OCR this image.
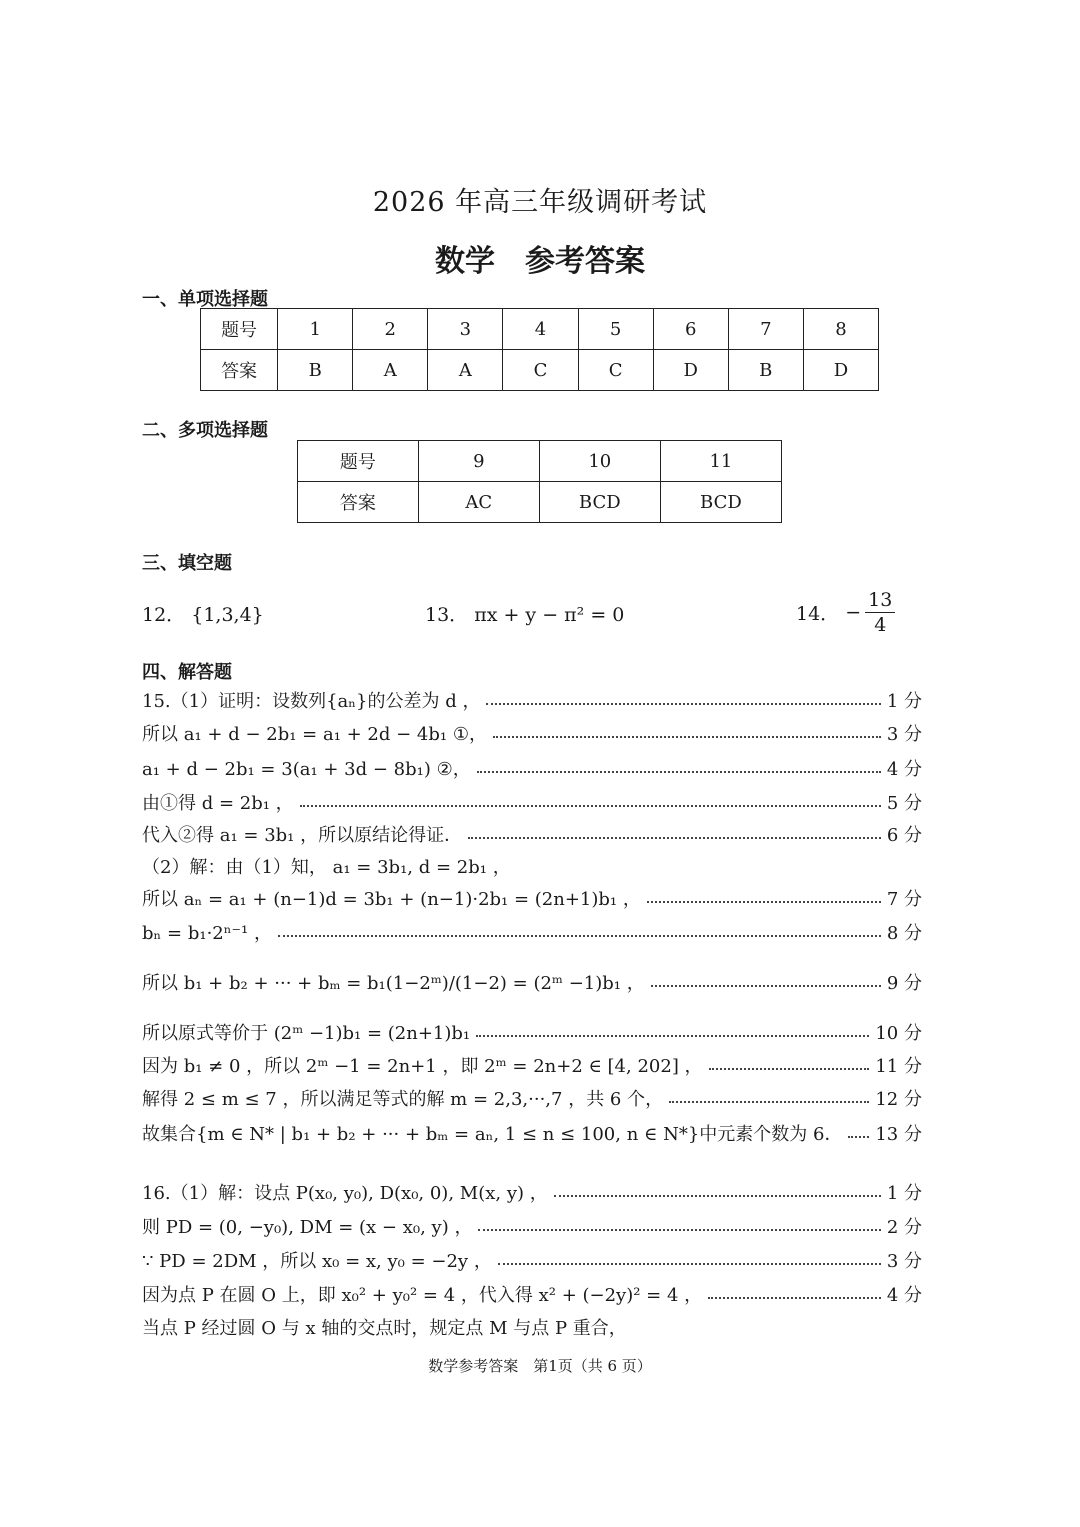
2026 年高三年级调研考试
数学 参考答案
一、单项选择题
题号	1	2	3	4	5	6	7	8
答案	B	A	A	C	C	D	B	D
二、多项选择题
题号	9	10	11
答案	AC	BCD	BCD
三、填空题
12． {1,3,4}	13． πx + y − π² = 0	14． − $\frac{13}{4}$
四、解答题
15.（1）证明：设数列{aₙ}的公差为 d ，	1 分
所以 a₁ + d − 2b₁ = a₁ + 2d − 4b₁ ①，	3 分
a₁ + d − 2b₁ = 3(a₁ + 3d − 8b₁) ②，	4 分
由①得 d = 2b₁ ，	5 分
代入②得 a₁ = 3b₁ ，所以原结论得证．	6 分
（2）解：由（1）知， a₁ = 3b₁, d = 2b₁ ，
所以 aₙ = a₁ + (n−1)d = 3b₁ + (n−1)·2b₁ = (2n+1)b₁ ，	7 分
bₙ = b₁·2ⁿ⁻¹ ，	8 分
所以 b₁ + b₂ + ··· + bₘ = b₁(1−2ᵐ)/(1−2) = (2ᵐ −1)b₁ ，	9 分
所以原式等价于 (2ᵐ −1)b₁ = (2n+1)b₁	10 分
因为 b₁ ≠ 0 ，所以 2ᵐ −1 = 2n+1 ，即 2ᵐ = 2n+2 ∈ [4, 202] ，	11 分
解得 2 ≤ m ≤ 7 ，所以满足等式的解 m = 2,3,···,7 ，共 6 个，	12 分
故集合{m ∈ N* | b₁ + b₂ + ··· + bₘ = aₙ, 1 ≤ n ≤ 100, n ∈ N*}中元素个数为 6． 13 分
16.（1）解：设点 P(x₀, y₀), D(x₀, 0), M(x, y) ，	1 分
则 PD = (0, −y₀), DM = (x − x₀, y) ，	2 分
∵ PD = 2DM ，所以 x₀ = x, y₀ = −2y ，	3 分
因为点 P 在圆 O 上，即 x₀² + y₀² = 4 ，代入得 x² + (−2y)² = 4 ，	4 分
当点 P 经过圆 O 与 x 轴的交点时，规定点 M 与点 P 重合，
数学参考答案　第1页（共 6 页）
